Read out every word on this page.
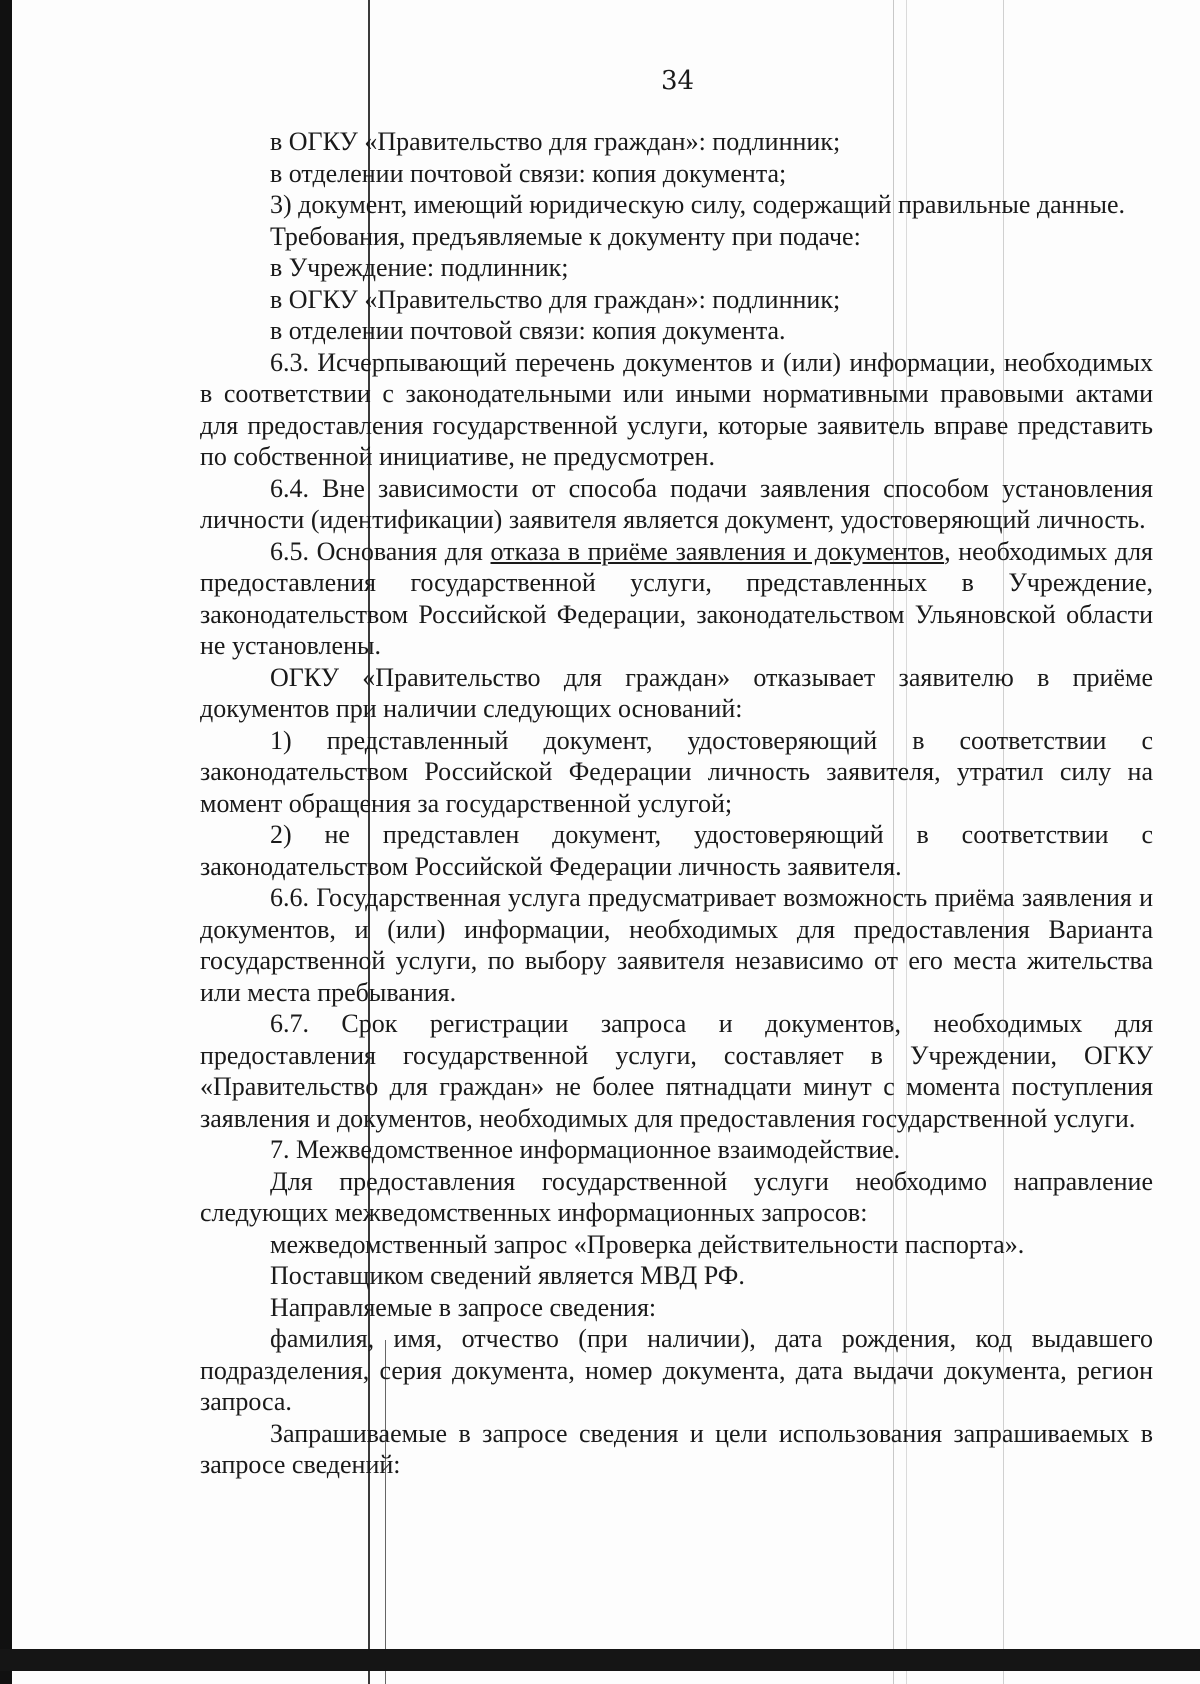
34

в ОГКУ «Правительство для граждан»: подлинник;

в отделении почтовой связи: копия документа;

3) документ, имеющий юридическую силу, содержащий правильные данные.

Требования, предъявляемые к документу при подаче:

в Учреждение: подлинник;

в ОГКУ «Правительство для граждан»: подлинник;

в отделении почтовой связи: копия документа.

6.3. Исчерпывающий перечень документов и (или) информации, необходимых в соответствии с законодательными или иными нормативными правовыми актами для предоставления государственной услуги, которые заявитель вправе представить по собственной инициативе, не предусмотрен.

6.4. Вне зависимости от способа подачи заявления способом установления личности (идентификации) заявителя является документ, удостоверяющий личность.

6.5. Основания для отказа в приёме заявления и документов, необходимых для предоставления государственной услуги, представленных в Учреждение, законодательством Российской Федерации, законодательством Ульяновской области не установлены.

ОГКУ «Правительство для граждан» отказывает заявителю в приёме документов при наличии следующих оснований:

1) представленный документ, удостоверяющий в соответствии с законодательством Российской Федерации личность заявителя, утратил силу на момент обращения за государственной услугой;

2) не представлен документ, удостоверяющий в соответствии с законодательством Российской Федерации личность заявителя.

6.6. Государственная услуга предусматривает возможность приёма заявления и документов, и (или) информации, необходимых для предоставления Варианта государственной услуги, по выбору заявителя независимо от его места жительства или места пребывания.

6.7. Срок регистрации запроса и документов, необходимых для предоставления государственной услуги, составляет в Учреждении, ОГКУ «Правительство для граждан» не более пятнадцати минут с момента поступления заявления и документов, необходимых для предоставления государственной услуги.

7. Межведомственное информационное взаимодействие.

Для предоставления государственной услуги необходимо направление следующих межведомственных информационных запросов:

межведомственный запрос «Проверка действительности паспорта».

Поставщиком сведений является МВД РФ.

Направляемые в запросе сведения:

фамилия, имя, отчество (при наличии), дата рождения, код выдавшего подразделения, серия документа, номер документа, дата выдачи документа, регион запроса.

Запрашиваемые в запросе сведения и цели использования запрашиваемых в запросе сведений:
